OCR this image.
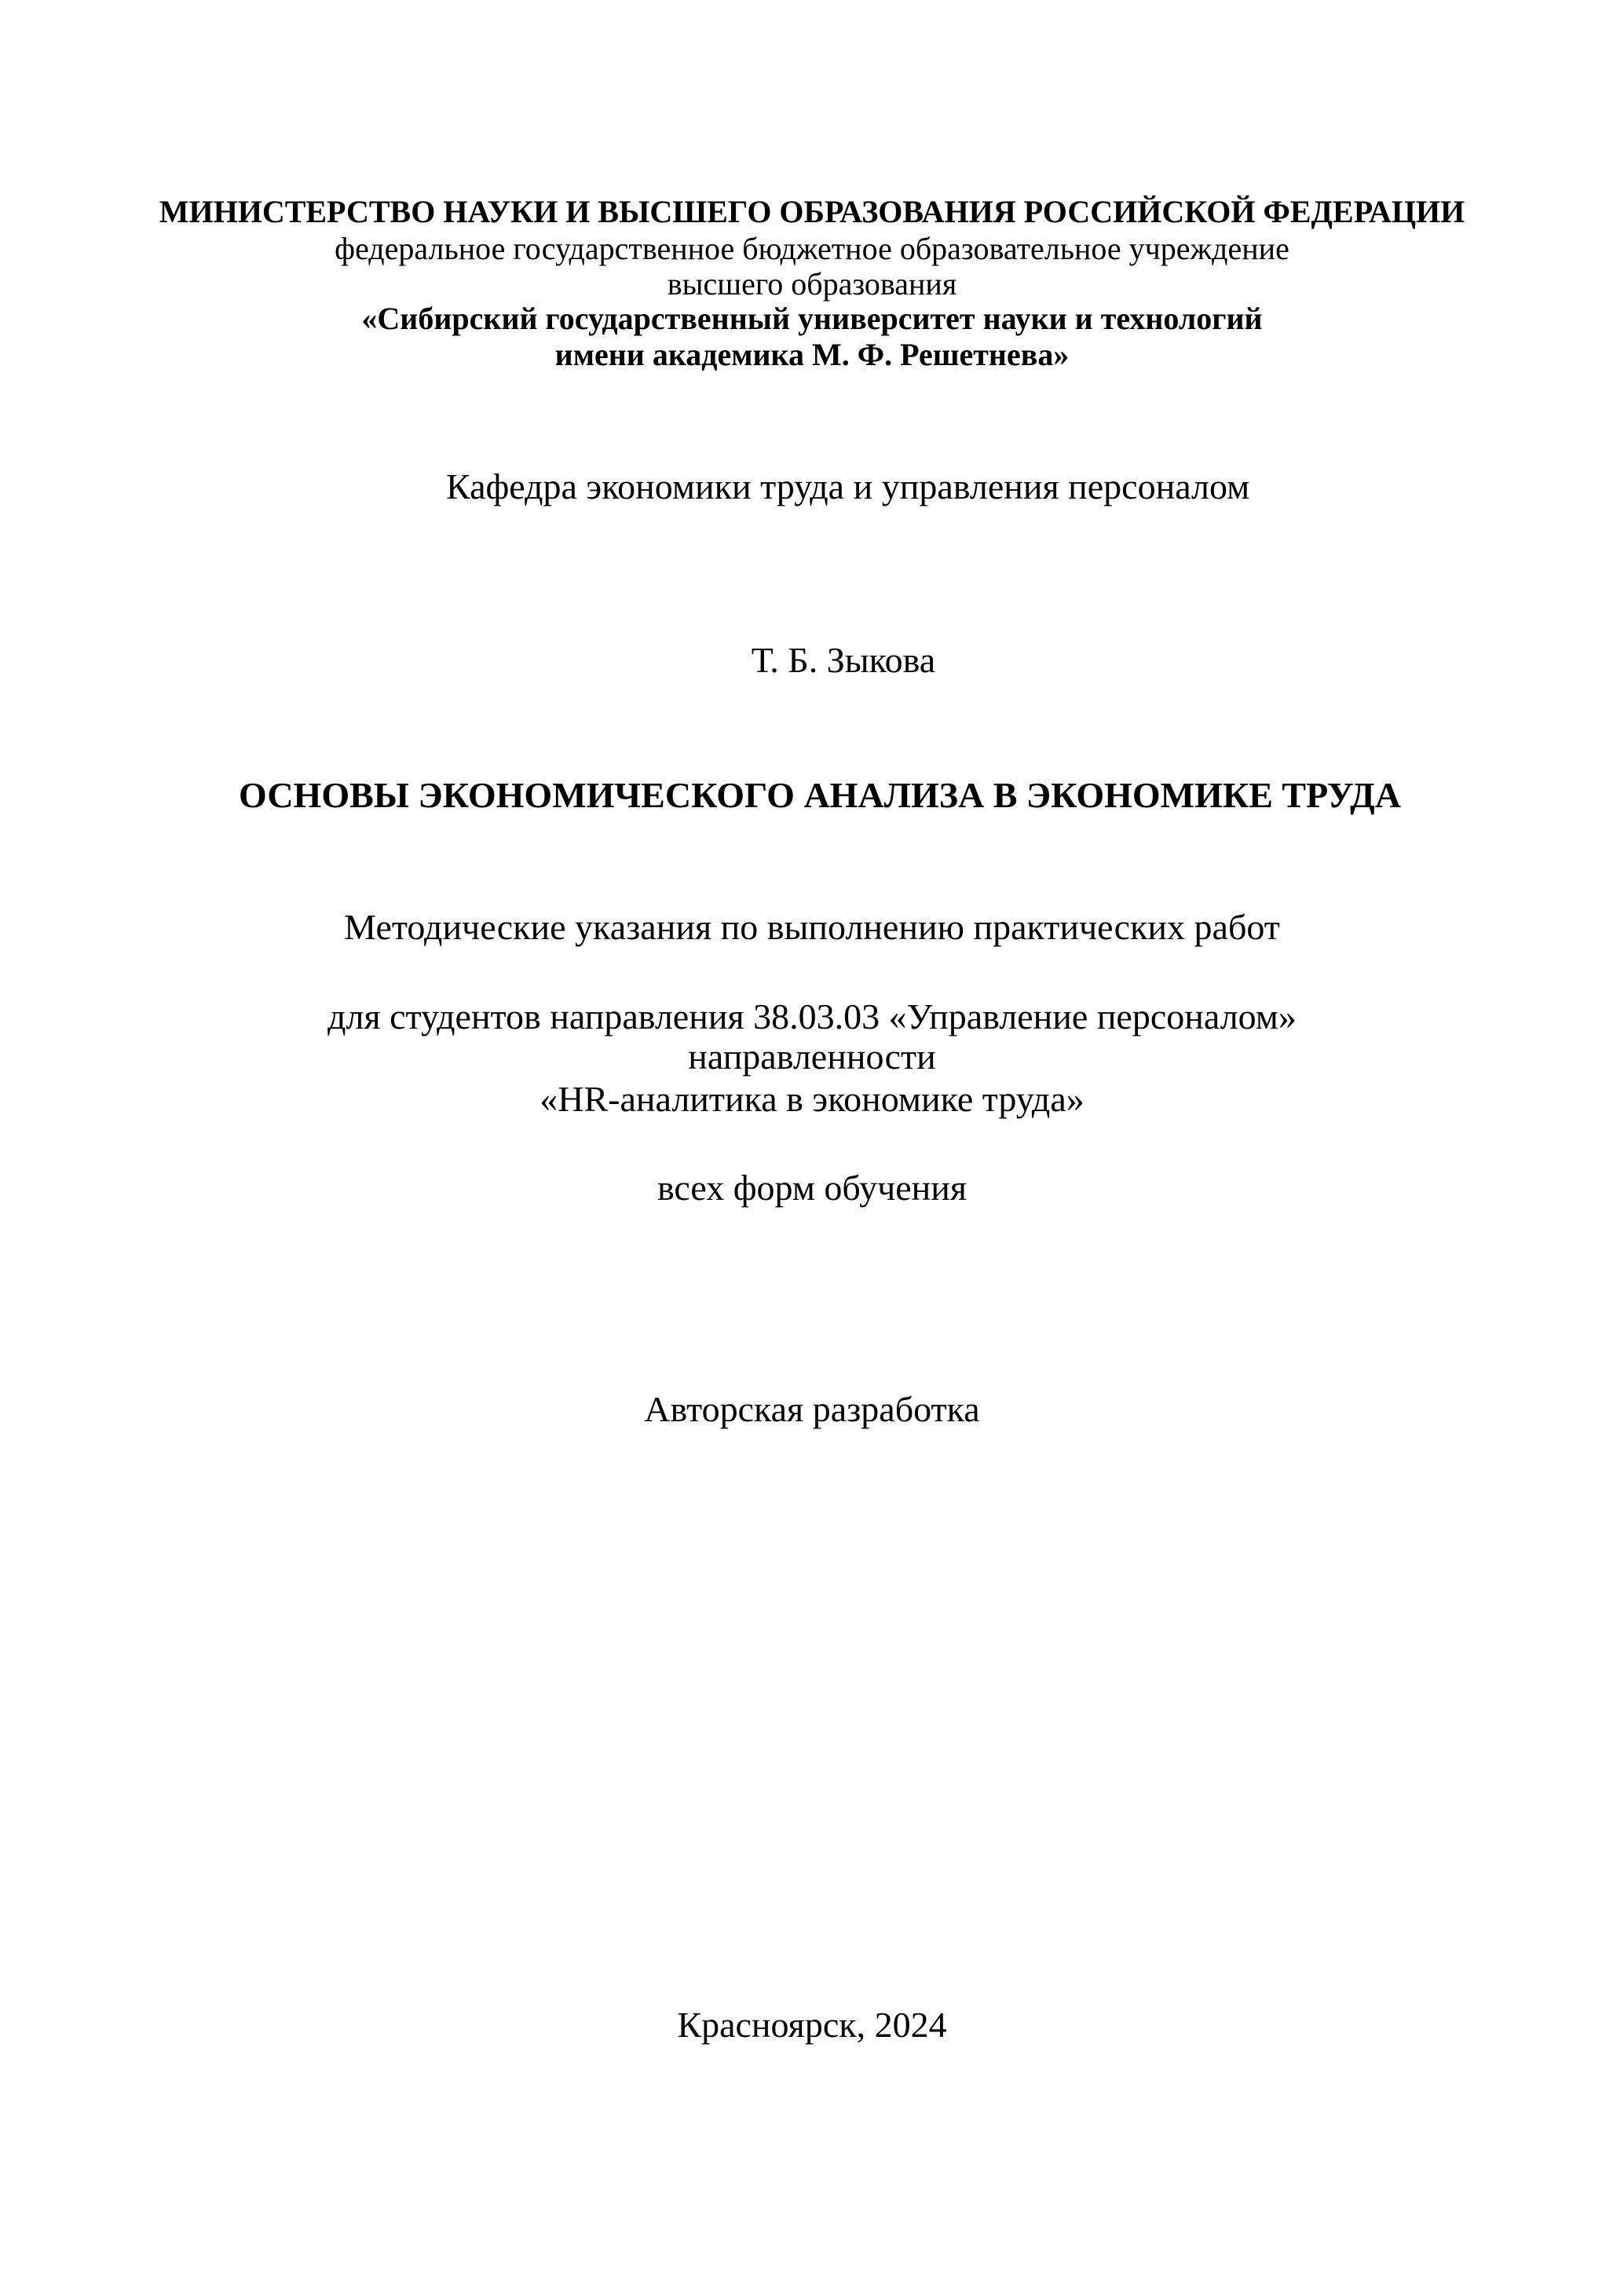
МИНИСТЕРСТВО НАУКИ И ВЫСШЕГО ОБРАЗОВАНИЯ РОССИЙСКОЙ ФЕДЕРАЦИИ
федеральное государственное бюджетное образовательное учреждение
высшего образования
«Сибирский государственный университет науки и технологий
имени академика М. Ф. Решетнева»
Кафедра экономики труда и управления персоналом
Т. Б. Зыкова
ОСНОВЫ ЭКОНОМИЧЕСКОГО АНАЛИЗА В ЭКОНОМИКЕ ТРУДА
Методические указания по выполнению практических работ
для студентов направления 38.03.03 «Управление персоналом»
направленности
«HR-аналитика в экономике труда»
всех форм обучения
Авторская разработка
Красноярск, 2024
